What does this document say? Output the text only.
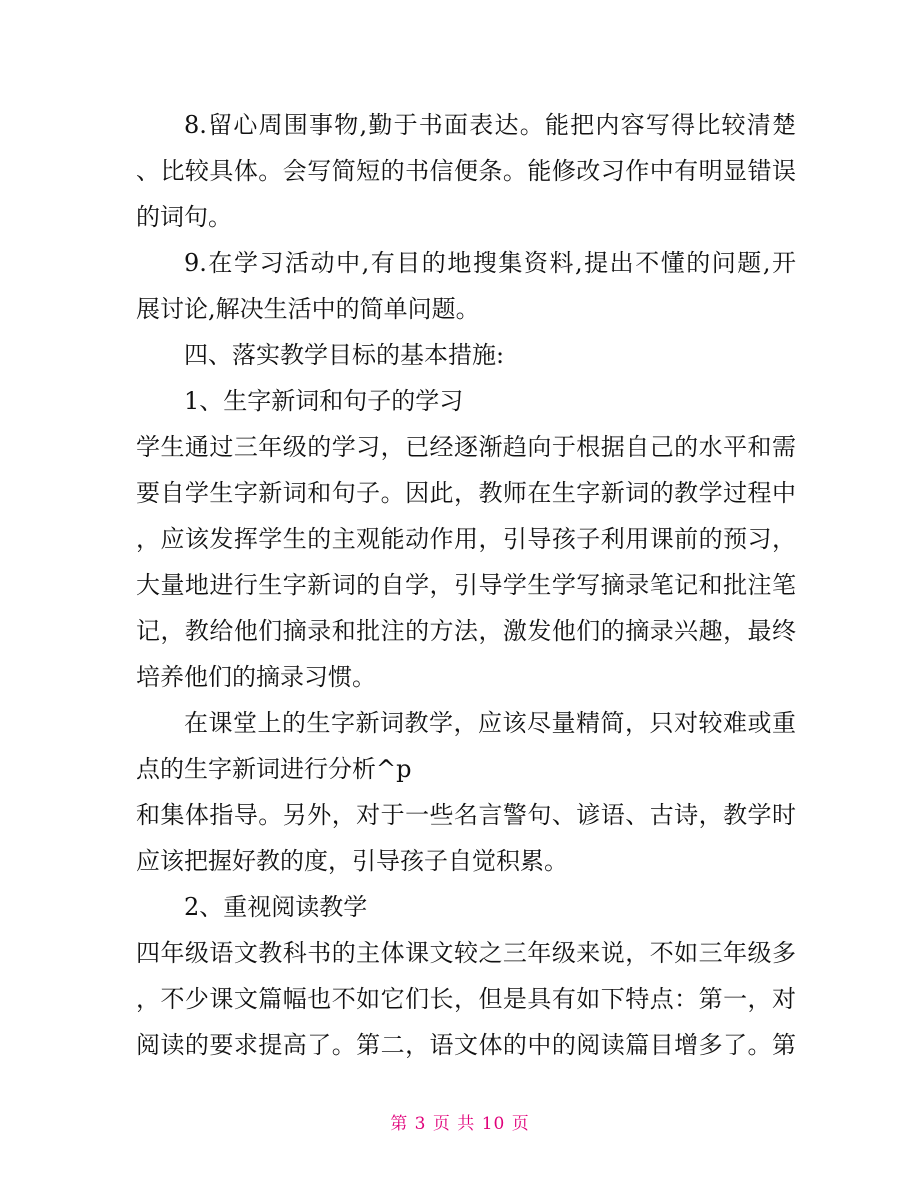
8.留心周围事物,勤于书面表达。能把内容写得比较清楚
、比较具体。会写简短的书信便条。能修改习作中有明显错误
的词句。
9.在学习活动中,有目的地搜集资料,提出不懂的问题,开
展讨论,解决生活中的简单问题。
四、落实教学目标的基本措施:
1、生字新词和句子的学习
学生通过三年级的学习，已经逐渐趋向于根据自己的水平和需
要自学生字新词和句子。因此，教师在生字新词的教学过程中
，应该发挥学生的主观能动作用，引导孩子利用课前的预习，
大量地进行生字新词的自学，引导学生学写摘录笔记和批注笔
记，教给他们摘录和批注的方法，激发他们的摘录兴趣，最终
培养他们的摘录习惯。
在课堂上的生字新词教学，应该尽量精简，只对较难或重
点的生字新词进行分析^p
和集体指导。另外，对于一些名言警句、谚语、古诗，教学时
应该把握好教的度，引导孩子自觉积累。
2、重视阅读教学
四年级语文教科书的主体课文较之三年级来说，不如三年级多
，不少课文篇幅也不如它们长，但是具有如下特点：第一，对
阅读的要求提高了。第二，语文体的中的阅读篇目增多了。第
第 3 页 共 10 页
